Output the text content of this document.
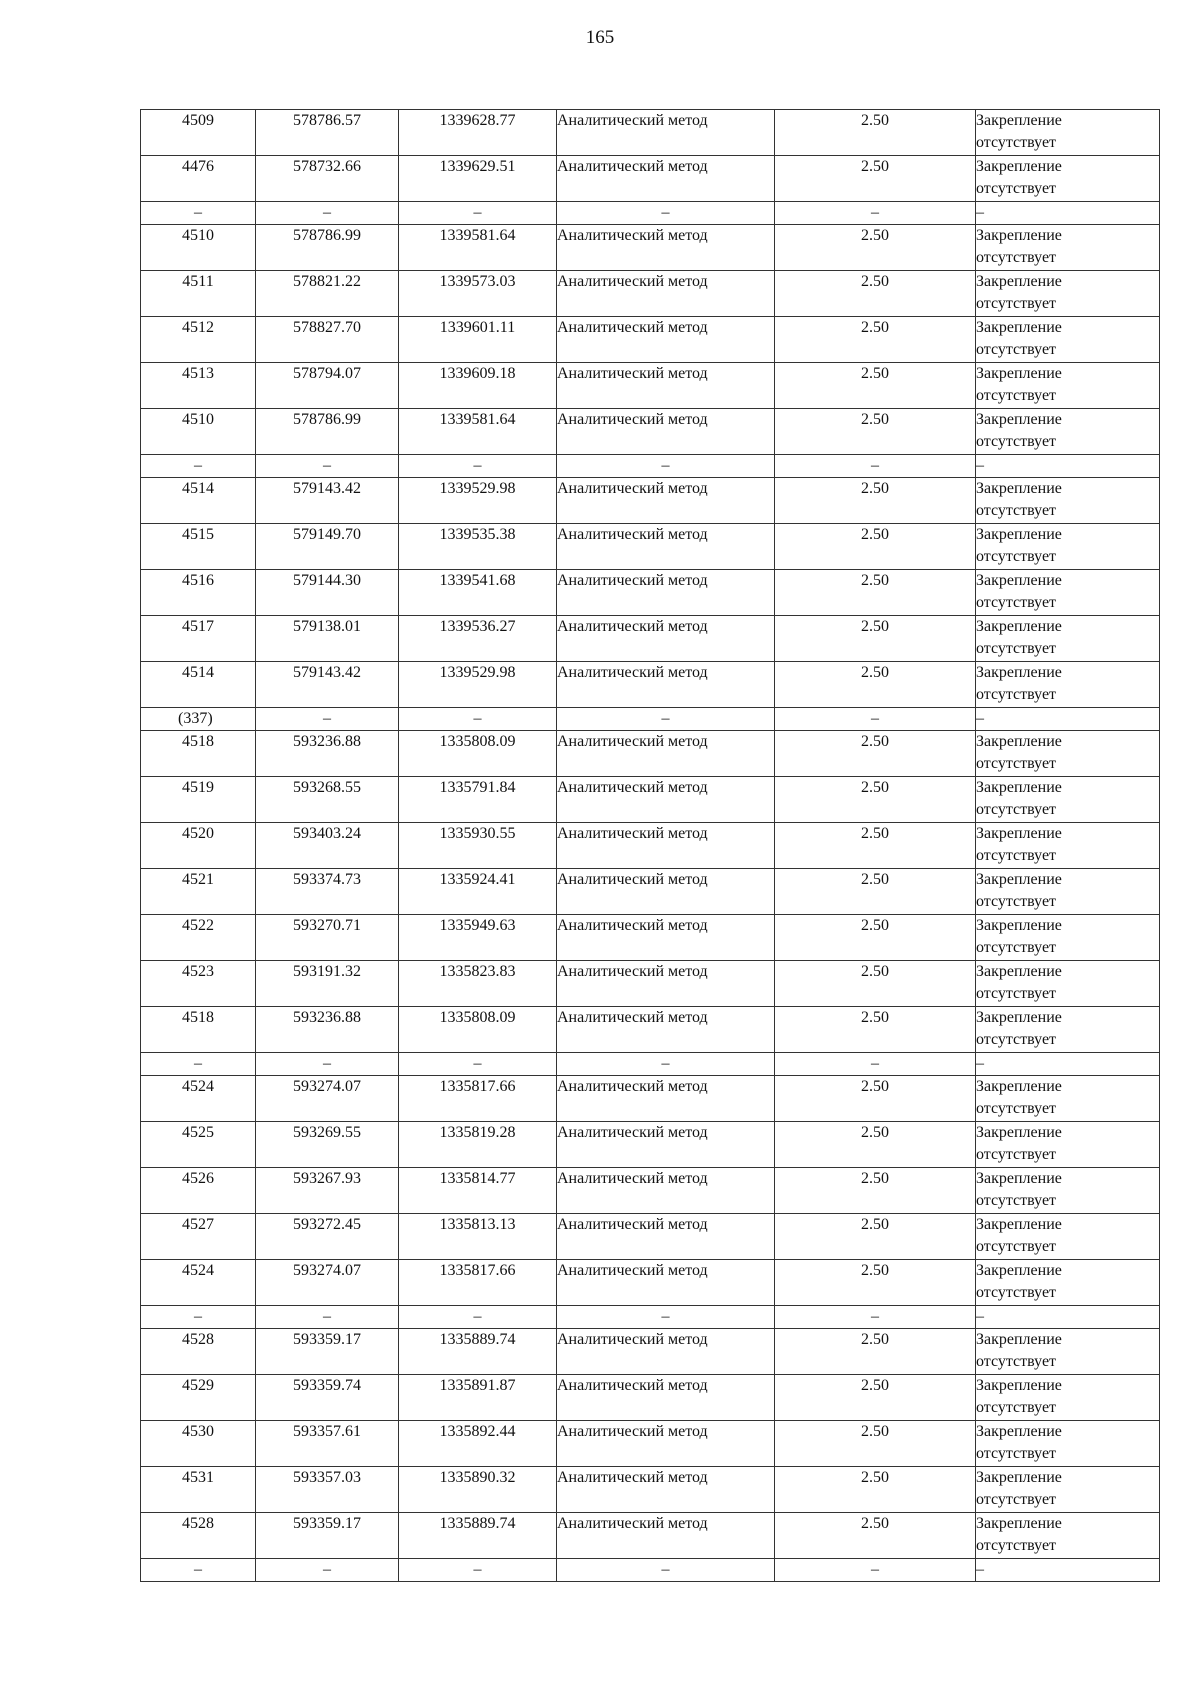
165
4509	578786.57	1339628.77	Аналитический метод	2.50	Закрепление
отсутствует

4476	578732.66	1339629.51	Аналитический метод	2.50	Закрепление
отсутствует

–	–	–	–	–	–
4510	578786.99	1339581.64	Аналитический метод	2.50	Закрепление
отсутствует

4511	578821.22	1339573.03	Аналитический метод	2.50	Закрепление
отсутствует

4512	578827.70	1339601.11	Аналитический метод	2.50	Закрепление
отсутствует

4513	578794.07	1339609.18	Аналитический метод	2.50	Закрепление
отсутствует

4510	578786.99	1339581.64	Аналитический метод	2.50	Закрепление
отсутствует

–	–	–	–	–	–
4514	579143.42	1339529.98	Аналитический метод	2.50	Закрепление
отсутствует

4515	579149.70	1339535.38	Аналитический метод	2.50	Закрепление
отсутствует

4516	579144.30	1339541.68	Аналитический метод	2.50	Закрепление
отсутствует

4517	579138.01	1339536.27	Аналитический метод	2.50	Закрепление
отсутствует

4514	579143.42	1339529.98	Аналитический метод	2.50	Закрепление
отсутствует

(337)	–	–	–	–	–
4518	593236.88	1335808.09	Аналитический метод	2.50	Закрепление
отсутствует

4519	593268.55	1335791.84	Аналитический метод	2.50	Закрепление
отсутствует

4520	593403.24	1335930.55	Аналитический метод	2.50	Закрепление
отсутствует

4521	593374.73	1335924.41	Аналитический метод	2.50	Закрепление
отсутствует

4522	593270.71	1335949.63	Аналитический метод	2.50	Закрепление
отсутствует

4523	593191.32	1335823.83	Аналитический метод	2.50	Закрепление
отсутствует

4518	593236.88	1335808.09	Аналитический метод	2.50	Закрепление
отсутствует

–	–	–	–	–	–
4524	593274.07	1335817.66	Аналитический метод	2.50	Закрепление
отсутствует

4525	593269.55	1335819.28	Аналитический метод	2.50	Закрепление
отсутствует

4526	593267.93	1335814.77	Аналитический метод	2.50	Закрепление
отсутствует

4527	593272.45	1335813.13	Аналитический метод	2.50	Закрепление
отсутствует

4524	593274.07	1335817.66	Аналитический метод	2.50	Закрепление
отсутствует

–	–	–	–	–	–
4528	593359.17	1335889.74	Аналитический метод	2.50	Закрепление
отсутствует

4529	593359.74	1335891.87	Аналитический метод	2.50	Закрепление
отсутствует

4530	593357.61	1335892.44	Аналитический метод	2.50	Закрепление
отсутствует

4531	593357.03	1335890.32	Аналитический метод	2.50	Закрепление
отсутствует

4528	593359.17	1335889.74	Аналитический метод	2.50	Закрепление
отсутствует

–	–	–	–	–	–
